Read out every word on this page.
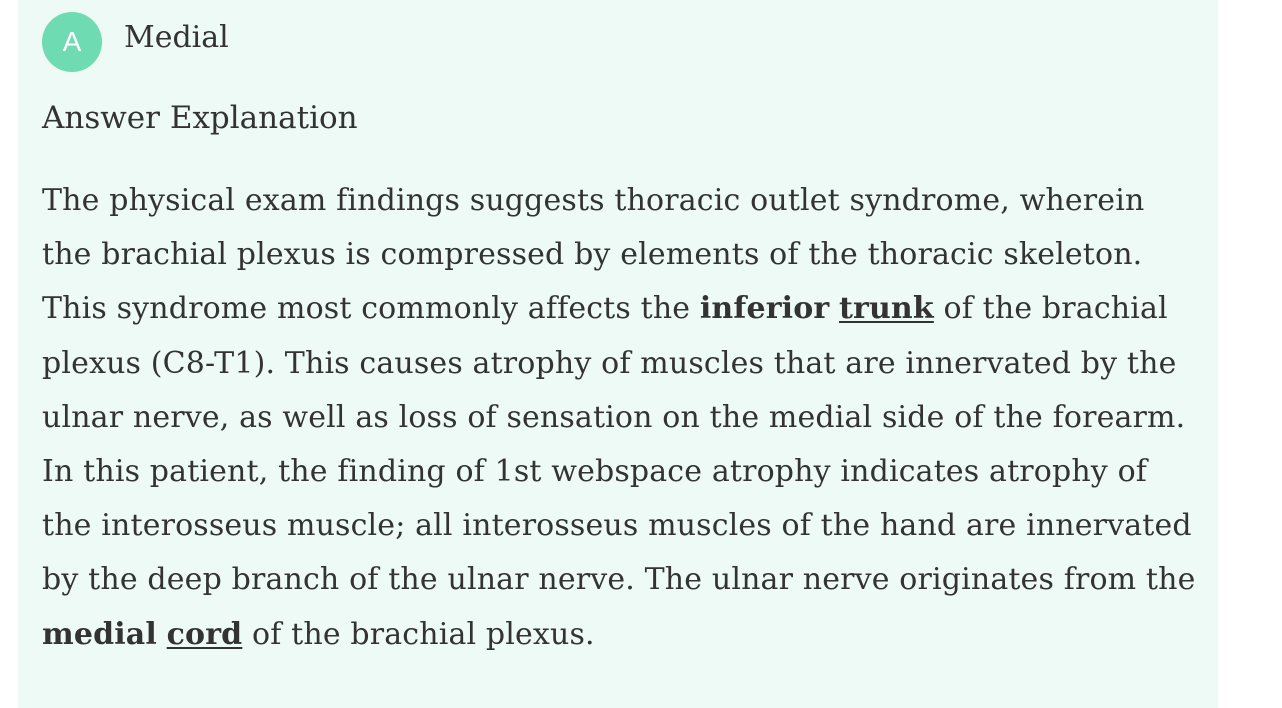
A	Medial
Answer Explanation

The physical exam findings suggests thoracic outlet syndrome, wherein the brachial plexus is compressed by elements of the thoracic skeleton. This syndrome most commonly affects the inferior trunk of the brachial plexus (C8-T1). This causes atrophy of muscles that are innervated by the ulnar nerve, as well as loss of sensation on the medial side of the forearm. In this patient, the finding of 1st webspace atrophy indicates atrophy of the interosseus muscle; all interosseus muscles of the hand are innervated by the deep branch of the ulnar nerve. The ulnar nerve originates from the medial cord of the brachial plexus.
